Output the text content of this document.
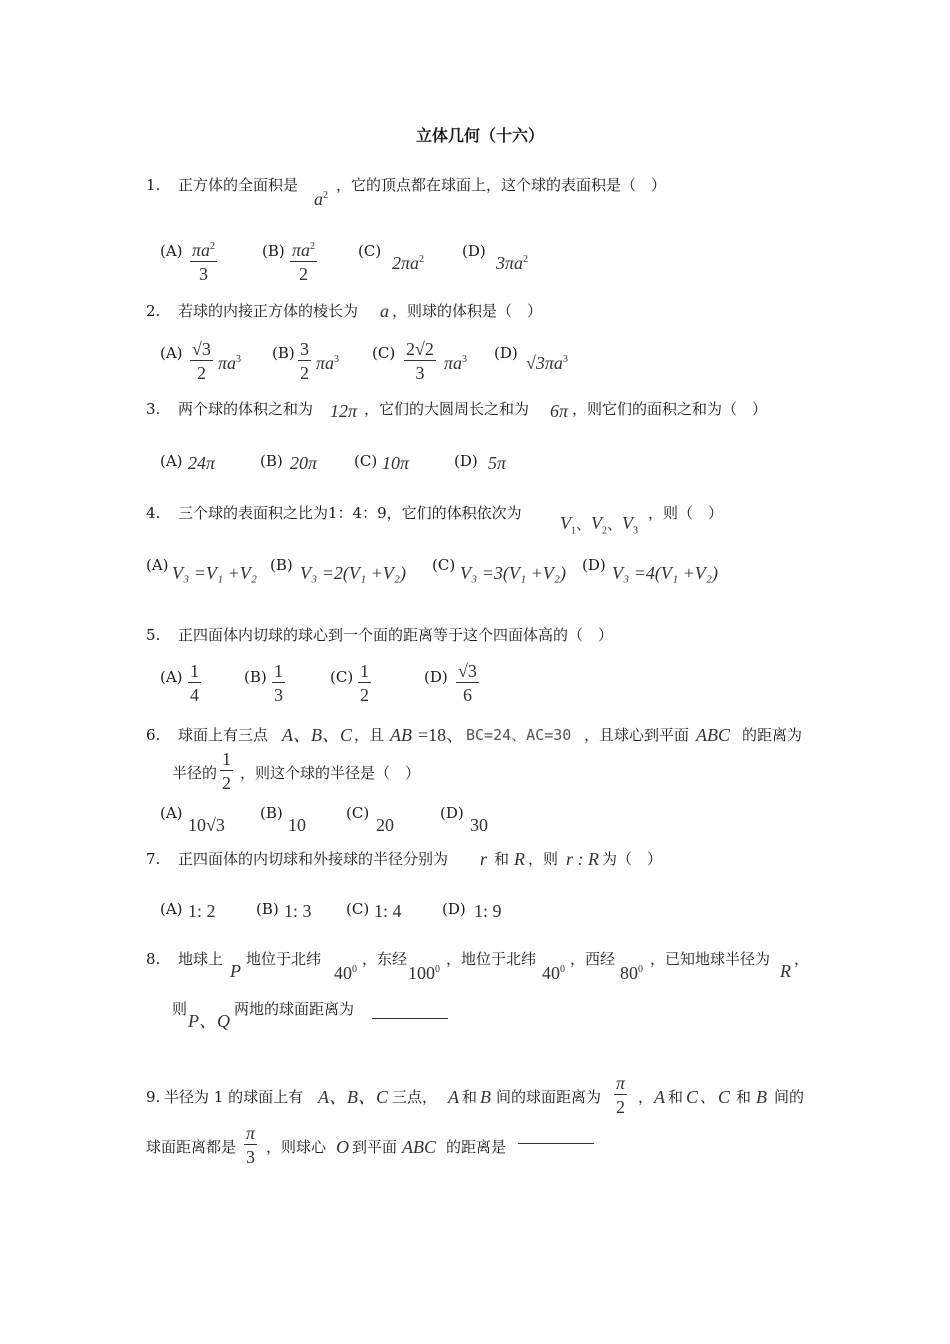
立体几何（十六）
1. 正方体的全面积是
$a^2$
，它的顶点都在球面上，这个球的表面积是（　）
$(A) \frac{\pi a^2}{3}$	$(B) \frac{\pi a^2}{2}$	(C)
$2\pi a^2$	(D)
$3\pi a^2$
2. 若球的内接正方体的棱长为 a ，则球的体积是（　）
$(A) \frac{√3}{2} \pi a^3$ $(B) \frac{3}{2} \pi a^3$ $(C) \frac{2√2}{3} \pi a^3$ (D) $√3\pi a^3$
3. 两个球的体积之和为 12π ，它们的大圆周长之和为 6π ，则它们的面积之和为（　）
(A) 24π	(B) 20π (C) 10π	(D) 5π
4. 三个球的表面积之比为1：4：9，它们的体积依次为 $V_1$、$V_2$、$V_3$
，则（　）
(A) V₃ =V₁ +V₂ (B) V₃ =2(V₁ +V₂) (C) V₃ =3(V₁ +V₂) (D) V₃ =4(V₁ +V₂)
5. 正四面体内切球的球心到一个面的距离等于这个四面体高的（　）
$(A) \frac{1}{4}$	$(B) \frac{1}{3}$	$(C) \frac{1}{2}$	$(D) \frac{√3}{6}$
6. 球面上有三点 A、B、C ，且 AB =18、 BC=24、AC=30 ，且球心到平面 ABC 的距离为
半径的 $\frac{1}{2}$ ，则这个球的半径是（　）
(A)
10√3
(B)
10
(C)
20
(D)
30
7. 正四面体的内切球和外接球的半径分别为 r 和 R ，则 r : R 为（　）
(A) 1: 2	(B) 1: 3 (C) 1: 4	(D) 1: 9
8. 地球上
P
地位于北纬
$40^0$
，东经
$100^0$
，地位于北纬
$40^0$
，西经
$80^0$
，已知地球半径为
R
，
则
P、Q
两地的球面距离为
9. 半径为 1 的球面上有 A、B、C 三点， A 和 B 间的球面距离为 $\frac{\pi}{2}$ ， A 和 C 、 C 和 B 间的
球面距离都是 $\frac{\pi}{3}$ ，则球心 O 到平面 ABC 的距离是
